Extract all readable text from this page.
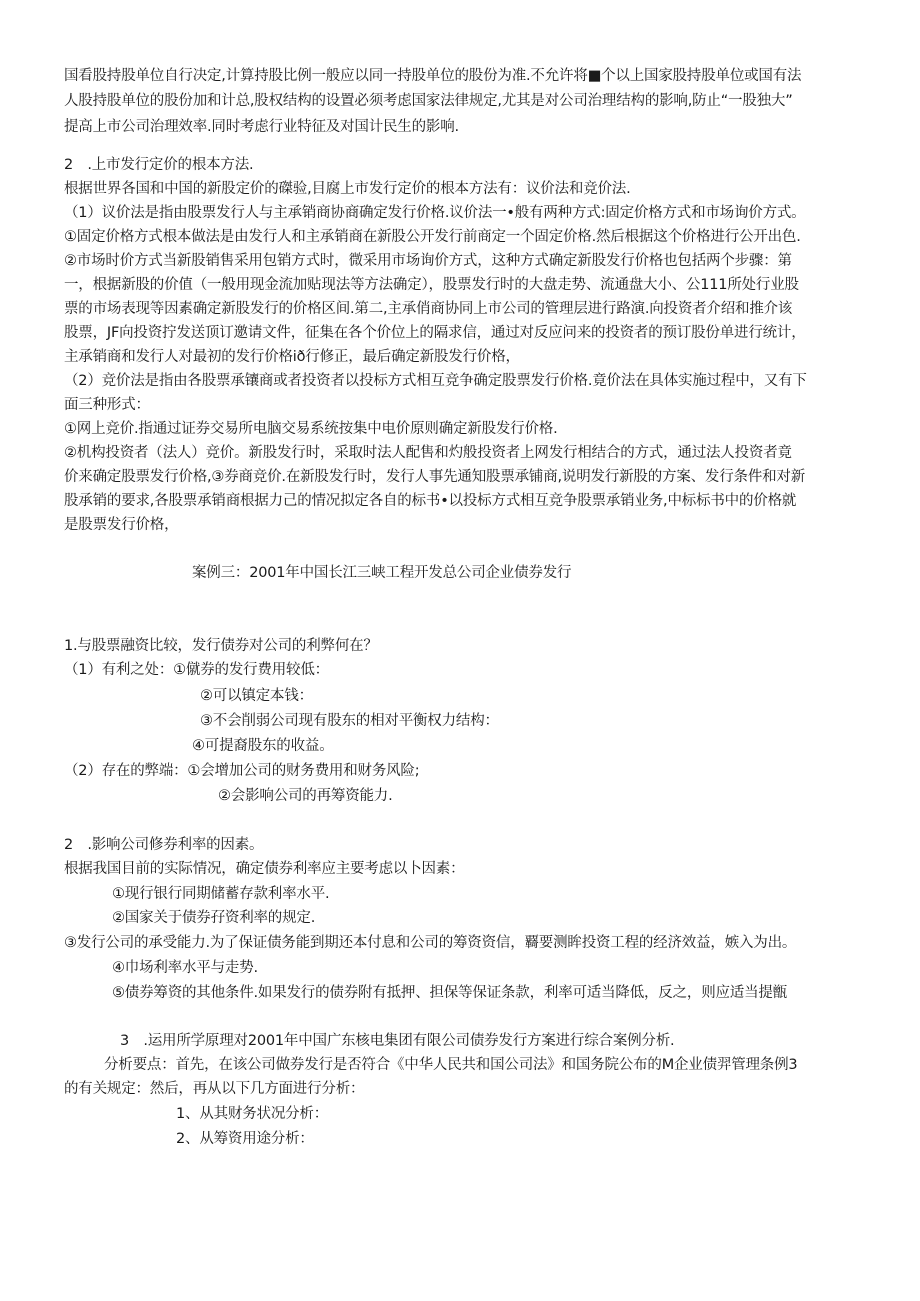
国看股持股单位自行决定,计算持股比例一般应以同一持股单位的股份为准.不允许将■个以上国家股持股单位或国有法
人股持股单位的股份加和计总,股权结构的设置必须考虑国家法律规定,尤其是对公司治理结构的影响,防止“一股独大”
提高上市公司治理效率.同时考虑行业特征及对国计民生的影响.
2　.上市发行定价的根本方法.
根据世界各国和中国的新股定价的磔验,目腐上市发行定价的根本方法有：议价法和竞价法.
（1）议价法是指由股票发行人与主承销商协商确定发行价格.议价法一•般有两种方式:固定价格方式和市场询价方式。
①固定价格方式根本做法是由发行人和主承销商在新股公开发行前商定一个固定价格.然后根据这个价格进行公开出色.
②市场时价方式当新股销售采用包销方式时，微采用市场询价方式，这种方式确定新股发行价格也包括两个步骤：第
一，根据新股的价值（一般用现金流加贴现法等方法确定），股票发行时的大盘走势、流通盘大小、公111所处行业股
票的市场表现等因素确定新股发行的价格区间.第二,主承俏商协同上市公司的管理层进行路演.向投资者介绍和推介该
股票，JF向投资拧发送顶订邀请文件，征集在各个价位上的隔求信，通过对反应问来的投资者的预订股份单进行统计，
主承销商和发行人对最初的发行价格ið行修正，最后确定新股发行价格，
（2）竞价法是指由各股票承镶商或者投资者以投标方式相互竞争确定股票发行价格.竟价法在具体实施过程中，又有下
面三种形式：
①网上竞价.指通过证券交易所电脑交易系统按集中电价原则确定新股发行价格.
②机构投资者（法人）竞价。新股发行时，采取时法人配售和灼般投资者上网发行相结合的方式，通过法人投资者竟
价来确定股票发行价格,③券商竞价.在新股发行时，发行人事先通知股票承铺商,说明发行新股的方案、发行条件和对新
股承销的要求,各股票承销商根据力己的情况拟定各自的标书•以投标方式相互竞争股票承销业务,中标标书中的价格就
是股票发行价格，
案例三：2001年中国长江三峡工程开发总公司企业债券发行
1.与股票融资比较，发行债券对公司的利弊何在？
（1）有利之处：①僦券的发行费用较低：
②可以镇定本钱：
③不会削弱公司现有股东的相对平衡权力结构：
④可提裔股东的收益。
（2）存在的弊端：①会增加公司的财务费用和财务风险;
②会影响公司的再筹资能力.
2　.影响公司修券利率的因素。
根据我国目前的实际情况，确定债券利率应主要考虑以卜因素：
①现行银行同期储蓄存款利率水平.
②国家关于债券孖资利率的规定.
③发行公司的承受能力.为了保证债务能到期还本付息和公司的筹资资信，覉要测眸投资工程的经济效益，嫉入为出。
④巾场利率水平与走势.
⑤债券筹资的其他条件.如果发行的债券附有抵押、担保等保证条款，利率可适当降低，反之，则应适当提甑
3　.运用所学原理对2001年中国广东核电集团有限公司债券发行方案进行综合案例分析.
分析要点：首先，在该公司做券发行是否符合《中华人民共和国公司法》和国务院公布的M企业债羿管理条例3
的有关规定：然后，再从以下几方面进行分析：
1、从其财务状况分析：
2、从筹资用途分析：
